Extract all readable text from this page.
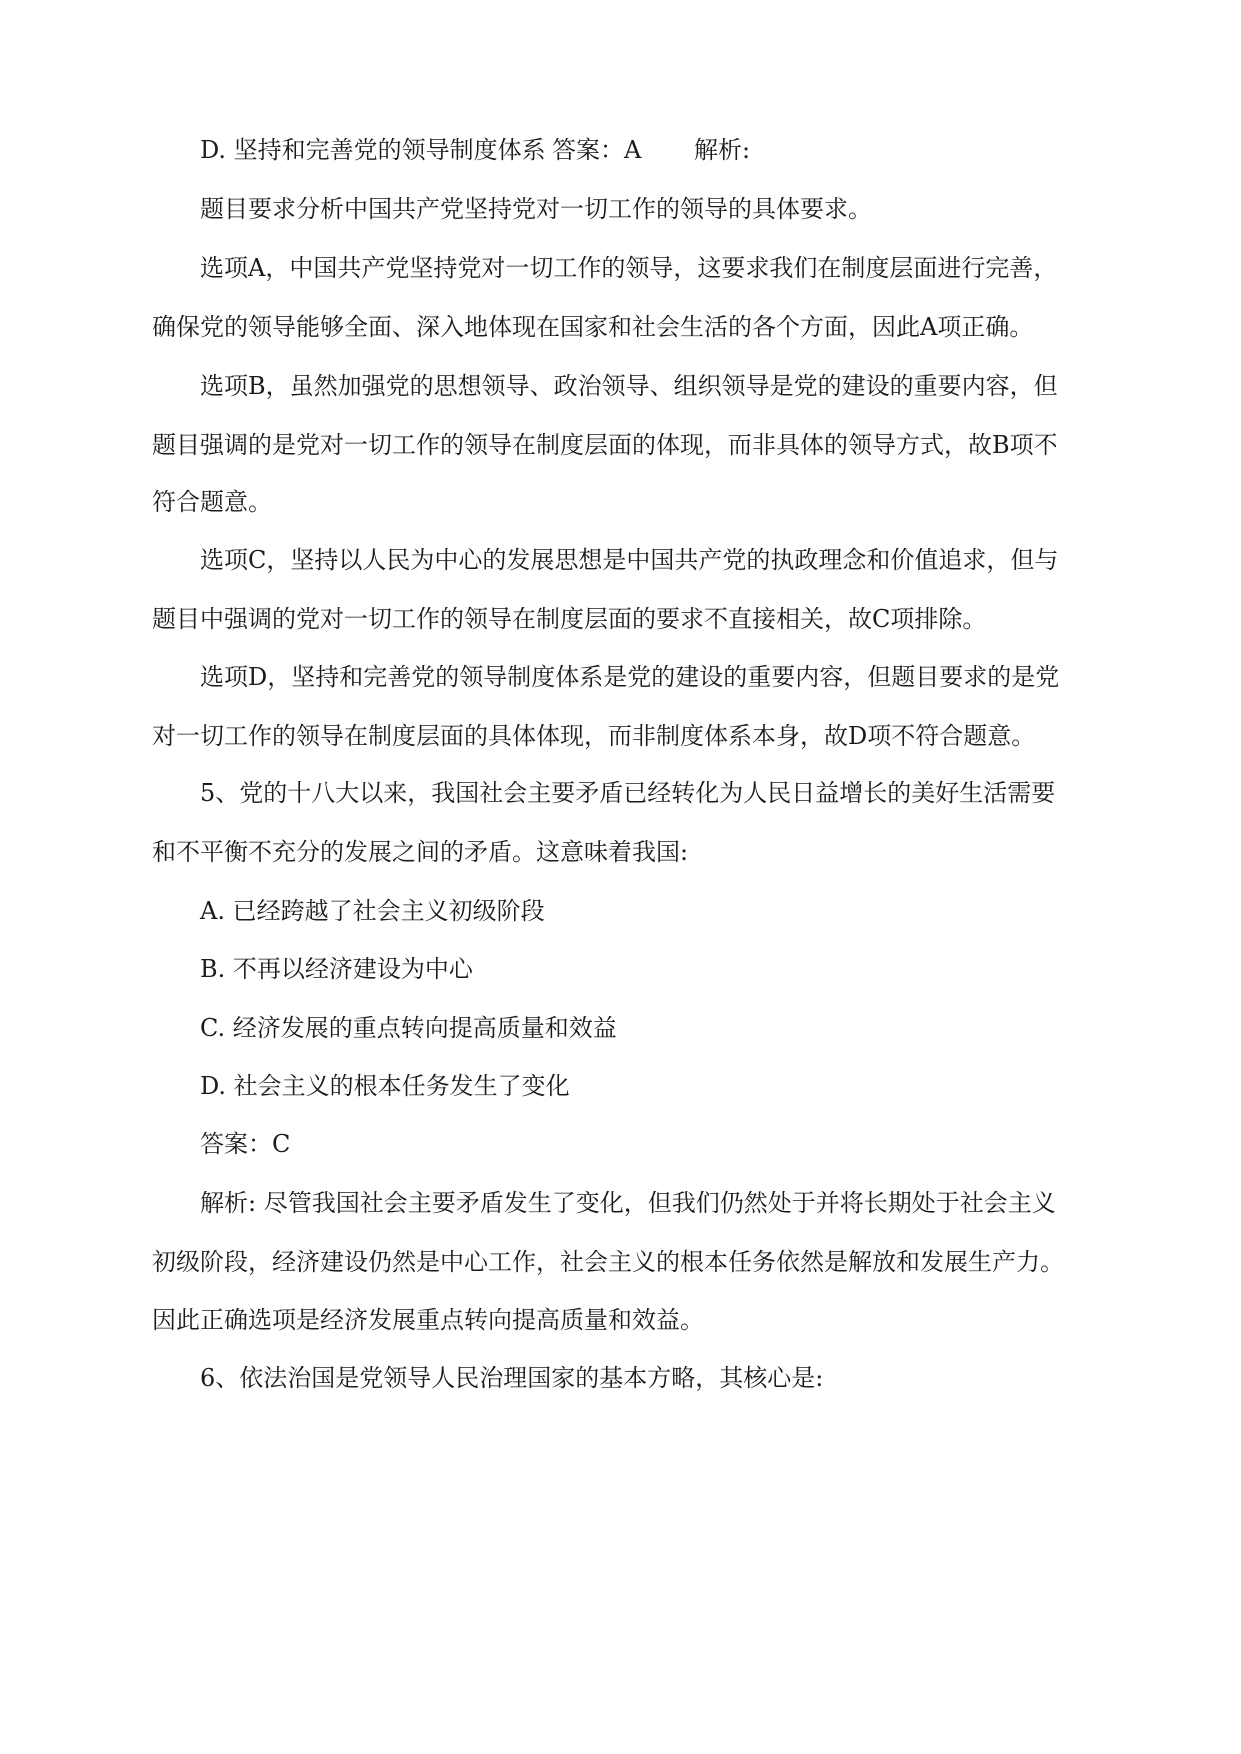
D. 坚持和完善党的领导制度体系 答案：A 解析:
题目要求分析中国共产党坚持党对一切工作的领导的具体要求。
选项A，中国共产党坚持党对一切工作的领导，这要求我们在制度层面进行完善，
确保党的领导能够全面、深入地体现在国家和社会生活的各个方面，因此A项正确。
选项B，虽然加强党的思想领导、政治领导、组织领导是党的建设的重要内容，但
题目强调的是党对一切工作的领导在制度层面的体现，而非具体的领导方式，故B项不
符合题意。
选项C，坚持以人民为中心的发展思想是中国共产党的执政理念和价值追求，但与
题目中强调的党对一切工作的领导在制度层面的要求不直接相关，故C项排除。
选项D，坚持和完善党的领导制度体系是党的建设的重要内容，但题目要求的是党
对一切工作的领导在制度层面的具体体现，而非制度体系本身，故D项不符合题意。
5、党的十八大以来，我国社会主要矛盾已经转化为人民日益增长的美好生活需要
和不平衡不充分的发展之间的矛盾。这意味着我国:
A. 已经跨越了社会主义初级阶段
B. 不再以经济建设为中心
C. 经济发展的重点转向提高质量和效益
D. 社会主义的根本任务发生了变化
答案：C
解析: 尽管我国社会主要矛盾发生了变化，但我们仍然处于并将长期处于社会主义
初级阶段，经济建设仍然是中心工作，社会主义的根本任务依然是解放和发展生产力。
因此正确选项是经济发展重点转向提高质量和效益。
6、依法治国是党领导人民治理国家的基本方略，其核心是:
